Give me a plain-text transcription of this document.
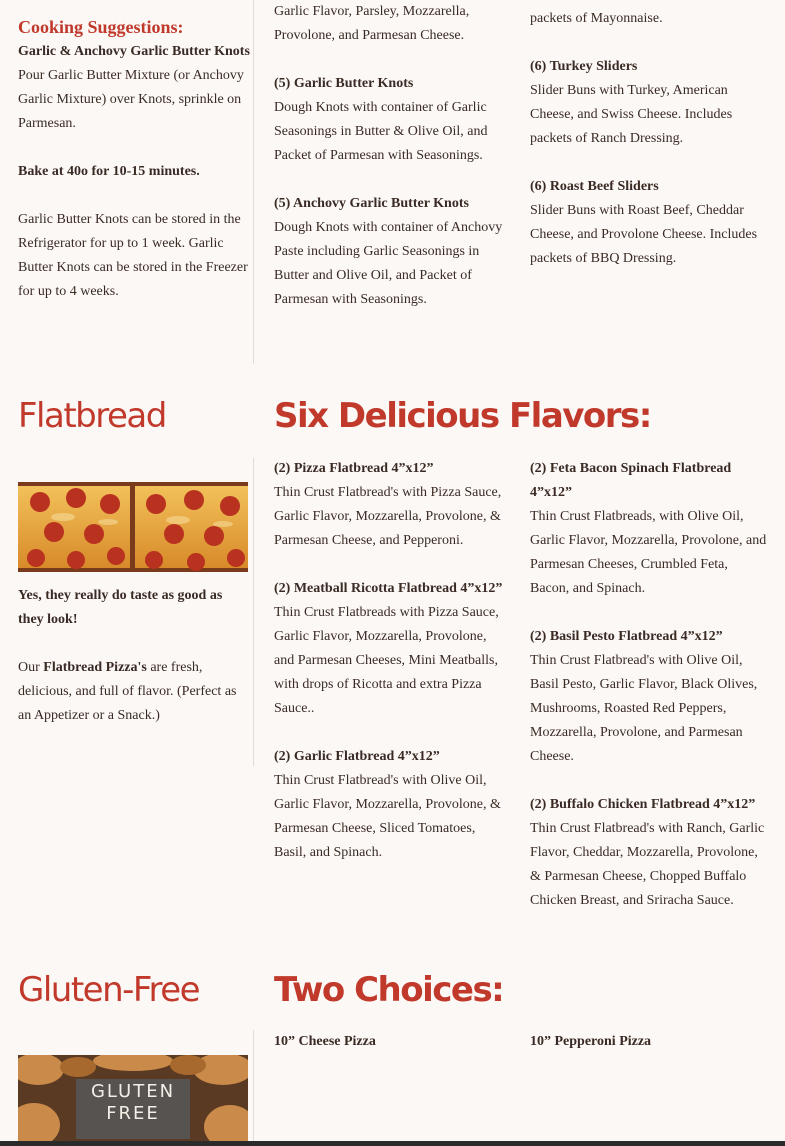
Cooking Suggestions:
Garlic & Anchovy Garlic Butter Knots

Pour Garlic Butter Mixture (or Anchovy Garlic Mixture) over Knots, sprinkle on Parmesan.

Bake at 40o for 10-15 minutes.

Garlic Butter Knots can be stored in the Refrigerator for up to 1 week. Garlic Butter Knots can be stored in the Freezer for up to 4 weeks.

Garlic Flavor, Parsley, Mozzarella, Provolone, and Parmesan Cheese.

(5) Garlic Butter Knots
Dough Knots with container of Garlic Seasonings in Butter & Olive Oil, and Packet of Parmesan with Seasonings.
(5) Anchovy Garlic Butter Knots
Dough Knots with container of Anchovy Paste including Garlic Seasonings in Butter and Olive Oil, and Packet of Parmesan with Seasonings.

packets of Mayonnaise.

(6) Turkey Sliders
Slider Buns with Turkey, American Cheese, and Swiss Cheese. Includes packets of Ranch Dressing.
(6) Roast Beef Sliders
Slider Buns with Roast Beef, Cheddar Cheese, and Provolone Cheese. Includes packets of BBQ Dressing.
Flatbread	Six Delicious Flavors:

Yes, they really do taste as good as they look!

Our Flatbread Pizza's are fresh, delicious, and full of flavor. (Perfect as an Appetizer or a Snack.)

(2) Pizza Flatbread 4”x12”
Thin Crust Flatbread's with Pizza Sauce, Garlic Flavor, Mozzarella, Provolone, & Parmesan Cheese, and Pepperoni.
(2) Meatball Ricotta Flatbread 4”x12”
Thin Crust Flatbreads with Pizza Sauce, Garlic Flavor, Mozzarella, Provolone, and Parmesan Cheeses, Mini Meatballs, with drops of Ricotta and extra Pizza Sauce..
(2) Garlic Flatbread 4”x12”
Thin Crust Flatbread's with Olive Oil, Garlic Flavor, Mozzarella, Provolone, & Parmesan Cheese, Sliced Tomatoes, Basil, and Spinach.
(2) Feta Bacon Spinach Flatbread 4”x12”
Thin Crust Flatbreads, with Olive Oil, Garlic Flavor, Mozzarella, Provolone, and Parmesan Cheeses, Crumbled Feta, Bacon, and Spinach.
(2) Basil Pesto Flatbread 4”x12”
Thin Crust Flatbread's with Olive Oil, Basil Pesto, Garlic Flavor, Black Olives, Mushrooms, Roasted Red Peppers, Mozzarella, Provolone, and Parmesan Cheese.
(2) Buffalo Chicken Flatbread 4”x12”
Thin Crust Flatbread's with Ranch, Garlic Flavor, Cheddar, Mozzarella, Provolone, & Parmesan Cheese, Chopped Buffalo Chicken Breast, and Sriracha Sauce.
Gluten-Free Two Choices:
GLUTEN FREE
10” Cheese Pizza	10” Pepperoni Pizza
